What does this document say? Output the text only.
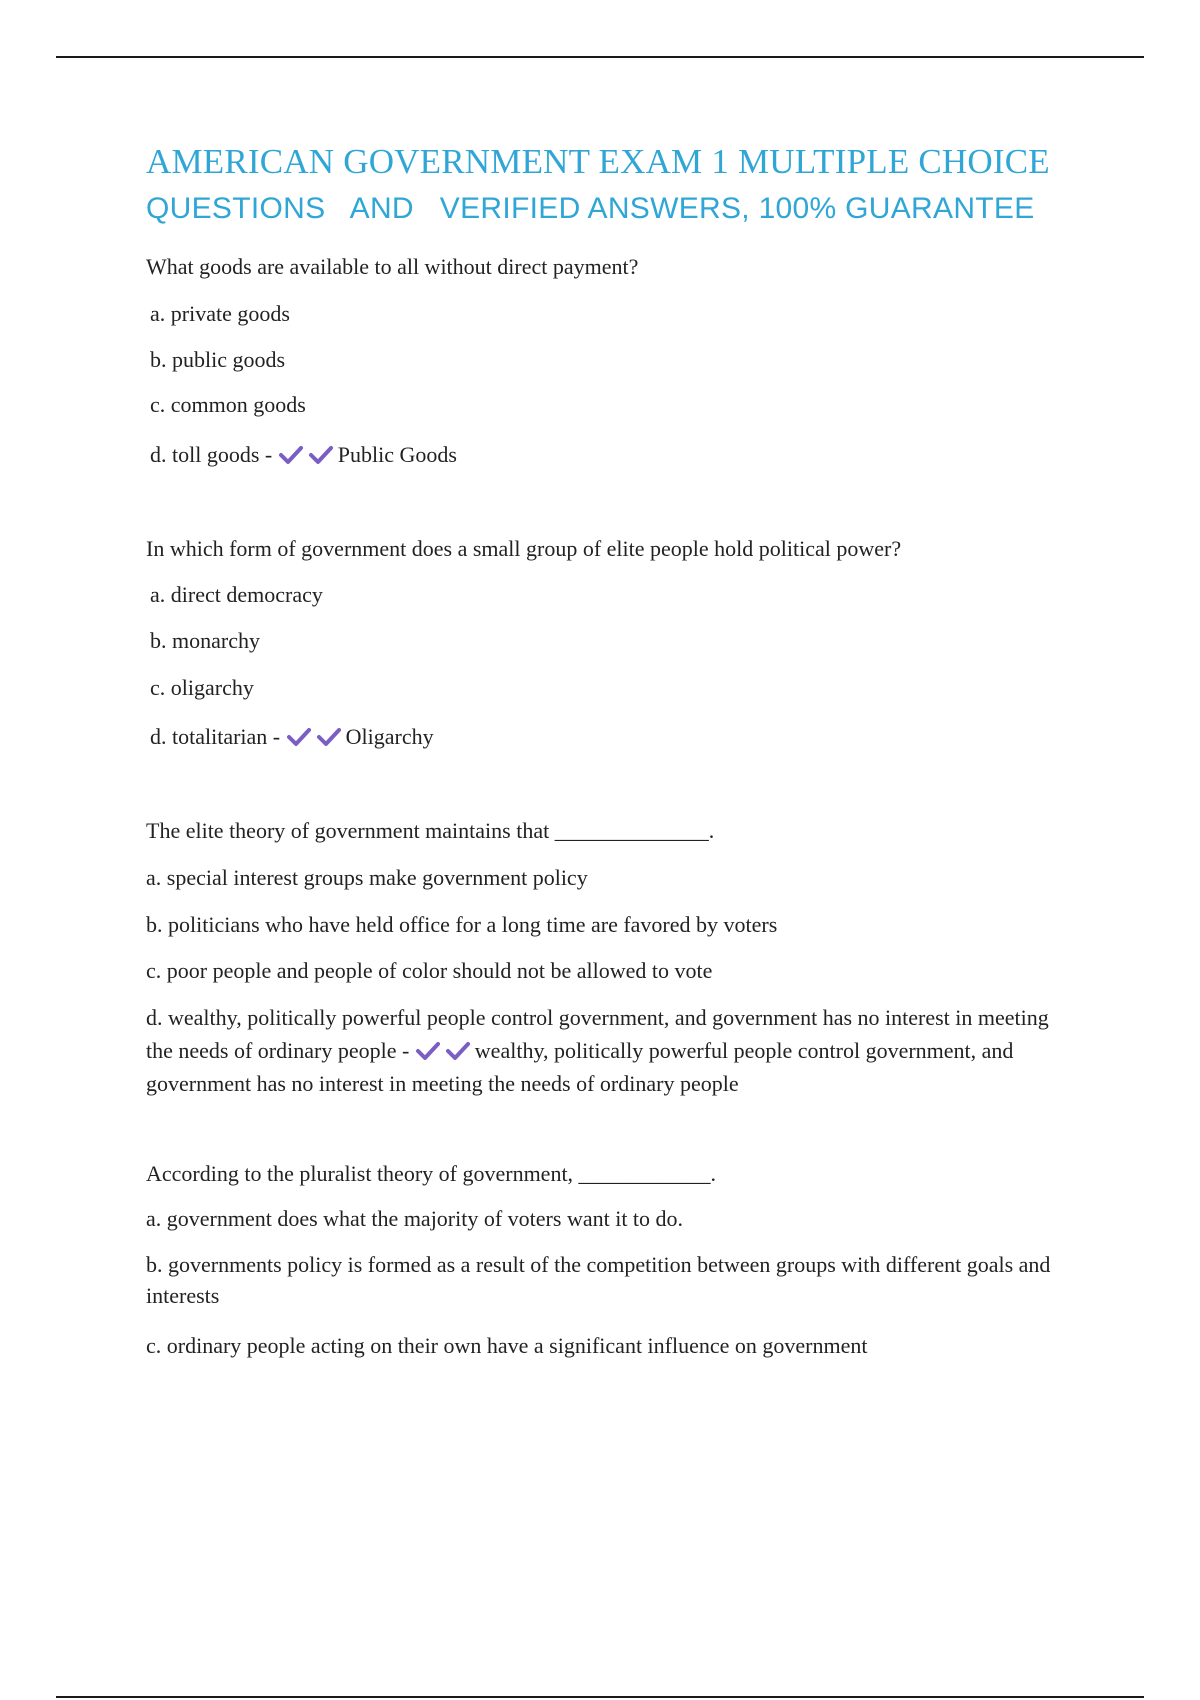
AMERICAN GOVERNMENT EXAM 1 MULTIPLE CHOICE
QUESTIONS   AND   VERIFIED ANSWERS, 100% GUARANTEE
What goods are available to all without direct payment?
a. private goods
b. public goods
c. common goods
d. toll goods -	Public Goods
In which form of government does a small group of elite people hold political power?
a. direct democracy
b. monarchy
c. oligarchy
d. totalitarian -	Oligarchy
The elite theory of government maintains that ______________.
a. special interest groups make government policy
b. politicians who have held office for a long time are favored by voters
c. poor people and people of color should not be allowed to vote
d. wealthy, politically powerful people control government, and government has no interest in meeting the needs of ordinary people -	wealthy, politically powerful people control government, and government has no interest in meeting the needs of ordinary people
According to the pluralist theory of government, ____________.
a. government does what the majority of voters want it to do.
b. governments policy is formed as a result of the competition between groups with different goals and interests
c. ordinary people acting on their own have a significant influence on government
